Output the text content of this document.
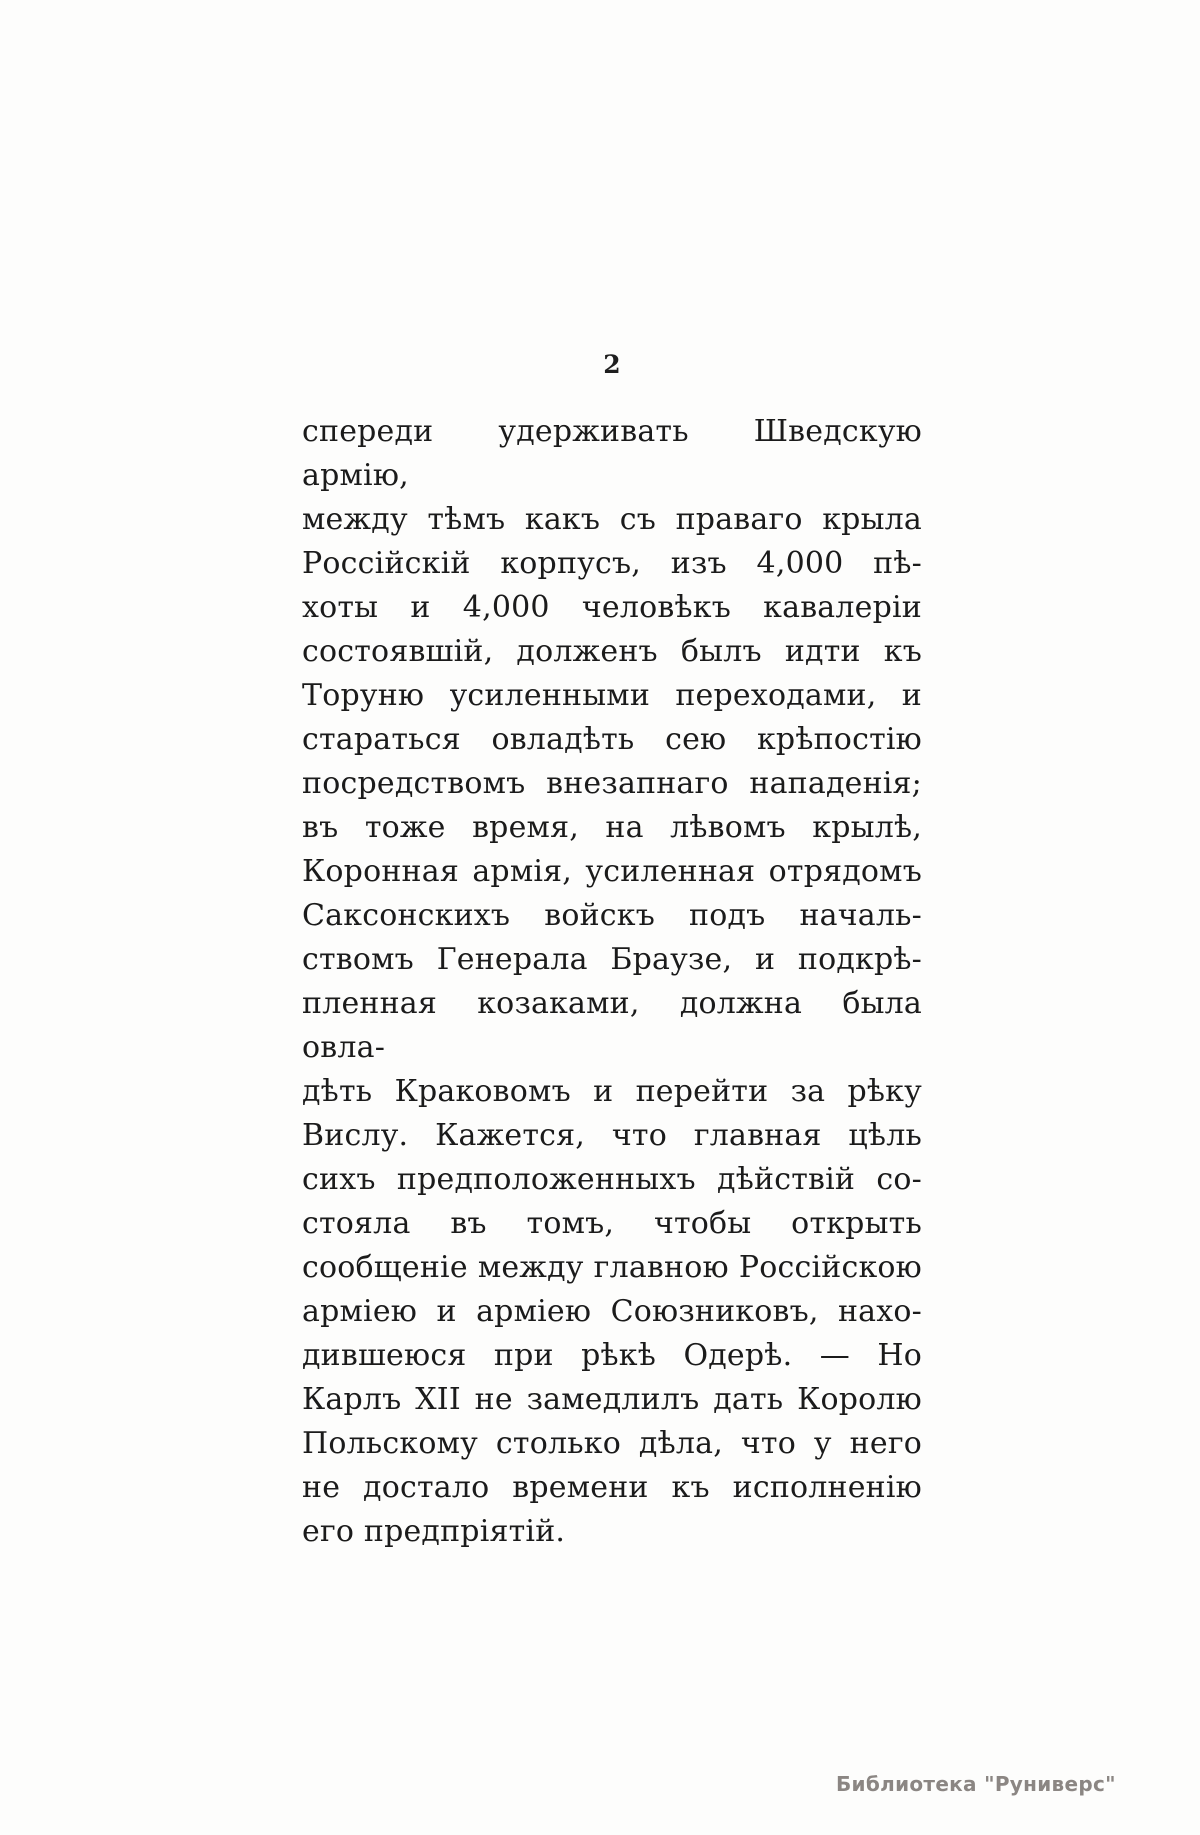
2
спереди удерживать Шведскую армію,
между тѣмъ какъ съ праваго крыла
Россійскій корпусъ, изъ 4,000 пѣ-
хоты и 4,000 человѣкъ кавалеріи
состоявшій, долженъ былъ идти къ
Торуню усиленными переходами, и
стараться овладѣть сею крѣпостію
посредствомъ внезапнаго нападенія;
въ тоже время, на лѣвомъ крылѣ,
Коронная армія, усиленная отрядомъ
Саксонскихъ войскъ подъ началь-
ствомъ Генерала Браузе, и подкрѣ-
пленная козаками, должна была овла-
дѣть Краковомъ и перейти за рѣку
Вислу. Кажется, что главная цѣль
сихъ предположенныхъ дѣйствій со-
стояла въ томъ, чтобы открыть
сообщеніе между главною Россійскою
арміею и арміею Союзниковъ, нахо-
дившеюся при рѣкѣ Одерѣ. — Но
Карлъ XII не замедлилъ дать Королю
Польскому столько дѣла, что у него
не достало времени къ исполненію
его предпріятій.
Библиотека "Руниверс"
